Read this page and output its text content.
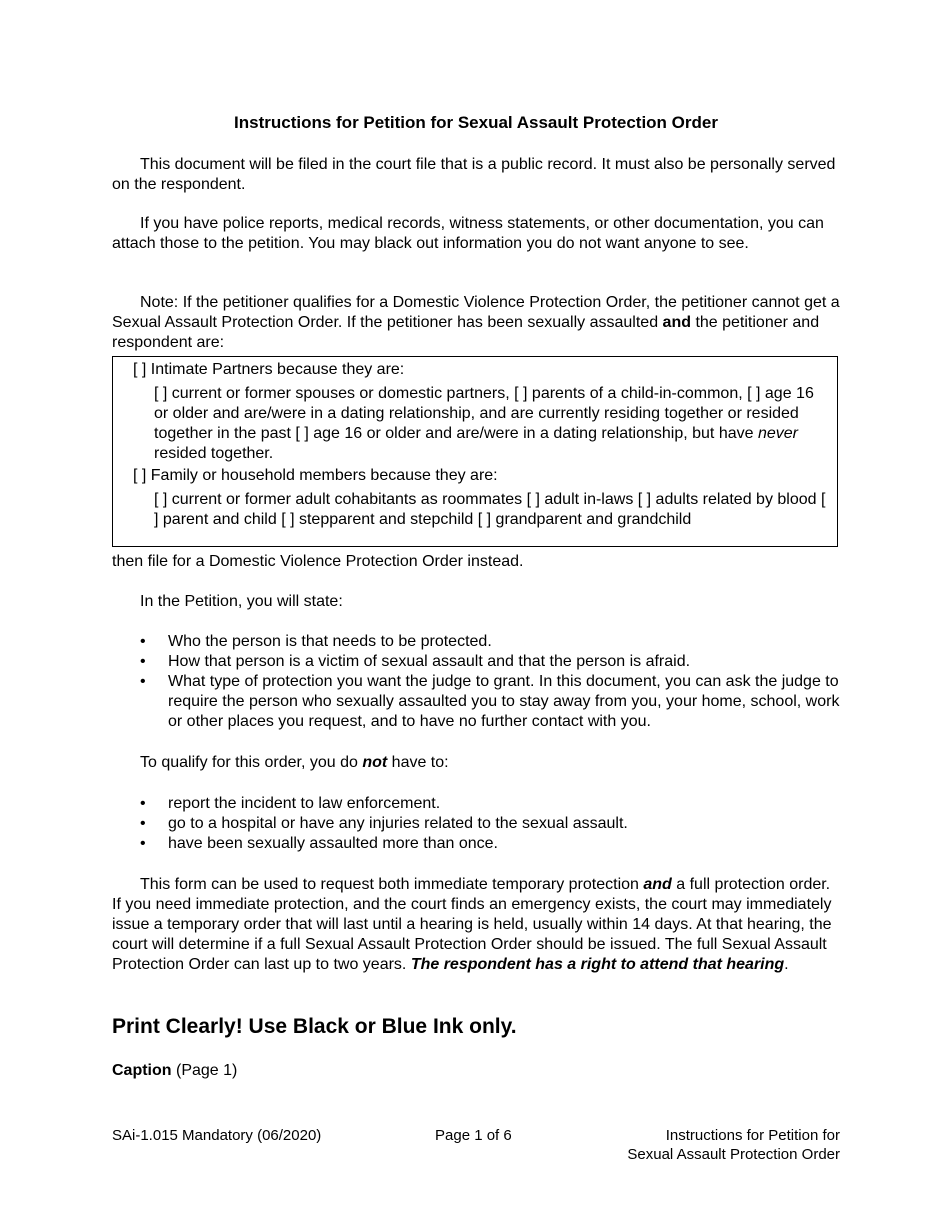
Instructions for Petition for Sexual Assault Protection Order

This document will be filed in the court file that is a public record. It must also be personally served on the respondent.

If you have police reports, medical records, witness statements, or other documentation, you can attach those to the petition. You may black out information you do not want anyone to see.

Note: If the petitioner qualifies for a Domestic Violence Protection Order, the petitioner cannot get a Sexual Assault Protection Order. If the petitioner has been sexually assaulted and the petitioner and respondent are:

[ ] Intimate Partners because they are:

[ ] current or former spouses or domestic partners, [ ] parents of a child-in-common, [ ] age 16 or older and are/were in a dating relationship, and are currently residing together or resided together in the past [ ] age 16 or older and are/were in a dating relationship, but have never resided together.

[ ] Family or household members because they are:

[ ] current or former adult cohabitants as roommates [ ] adult in-laws [ ] adults related by blood [ ] parent and child [ ] stepparent and stepchild [ ] grandparent and grandchild

then file for a Domestic Violence Protection Order instead.

In the Petition, you will state:

• Who the person is that needs to be protected.
• How that person is a victim of sexual assault and that the person is afraid.
• What type of protection you want the judge to grant. In this document, you can ask the judge to require the person who sexually assaulted you to stay away from you, your home, school, work or other places you request, and to have no further contact with you.

To qualify for this order, you do not have to:

• report the incident to law enforcement.
• go to a hospital or have any injuries related to the sexual assault.
• have been sexually assaulted more than once.

This form can be used to request both immediate temporary protection and a full protection order. If you need immediate protection, and the court finds an emergency exists, the court may immediately issue a temporary order that will last until a hearing is held, usually within 14 days. At that hearing, the court will determine if a full Sexual Assault Protection Order should be issued. The full Sexual Assault Protection Order can last up to two years. The respondent has a right to attend that hearing.

Print Clearly! Use Black or Blue Ink only.

Caption (Page 1)

SAi-1.015 Mandatory (06/2020)	Page 1 of 6	Instructions for Petition for
Sexual Assault Protection Order
